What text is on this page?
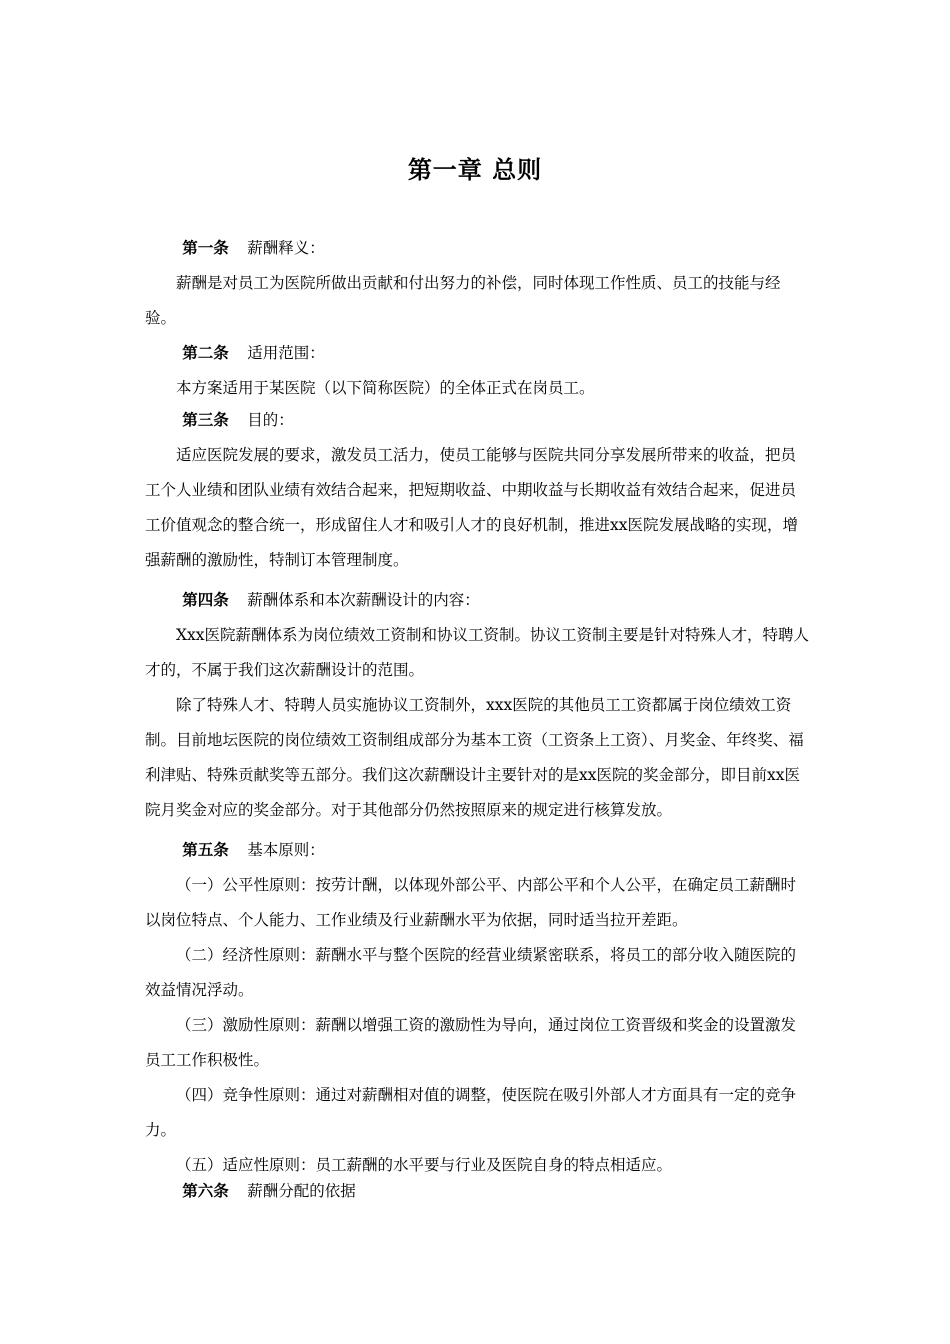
第一章 总则
第一条 薪酬释义：
薪酬是对员工为医院所做出贡献和付出努力的补偿，同时体现工作性质、员工的技能与经验。
第二条 适用范围：
本方案适用于某医院（以下简称医院）的全体正式在岗员工。
第三条 目的：
适应医院发展的要求，激发员工活力，使员工能够与医院共同分享发展所带来的收益，把员工个人业绩和团队业绩有效结合起来，把短期收益、中期收益与长期收益有效结合起来，促进员工价值观念的整合统一，形成留住人才和吸引人才的良好机制，推进xx医院发展战略的实现，增强薪酬的激励性，特制订本管理制度。
第四条 薪酬体系和本次薪酬设计的内容：
Xxx医院薪酬体系为岗位绩效工资制和协议工资制。协议工资制主要是针对特殊人才，特聘人才的，不属于我们这次薪酬设计的范围。
除了特殊人才、特聘人员实施协议工资制外，xxx医院的其他员工工资都属于岗位绩效工资制。目前地坛医院的岗位绩效工资制组成部分为基本工资（工资条上工资）、月奖金、年终奖、福利津贴、特殊贡献奖等五部分。我们这次薪酬设计主要针对的是xx医院的奖金部分，即目前xx医院月奖金对应的奖金部分。对于其他部分仍然按照原来的规定进行核算发放。
第五条 基本原则：
（一）公平性原则：按劳计酬，以体现外部公平、内部公平和个人公平，在确定员工薪酬时以岗位特点、个人能力、工作业绩及行业薪酬水平为依据，同时适当拉开差距。
（二）经济性原则：薪酬水平与整个医院的经营业绩紧密联系，将员工的部分收入随医院的效益情况浮动。
（三）激励性原则：薪酬以增强工资的激励性为导向，通过岗位工资晋级和奖金的设置激发员工工作积极性。
（四）竞争性原则：通过对薪酬相对值的调整，使医院在吸引外部人才方面具有一定的竞争力。
（五）适应性原则：员工薪酬的水平要与行业及医院自身的特点相适应。
第六条 薪酬分配的依据
